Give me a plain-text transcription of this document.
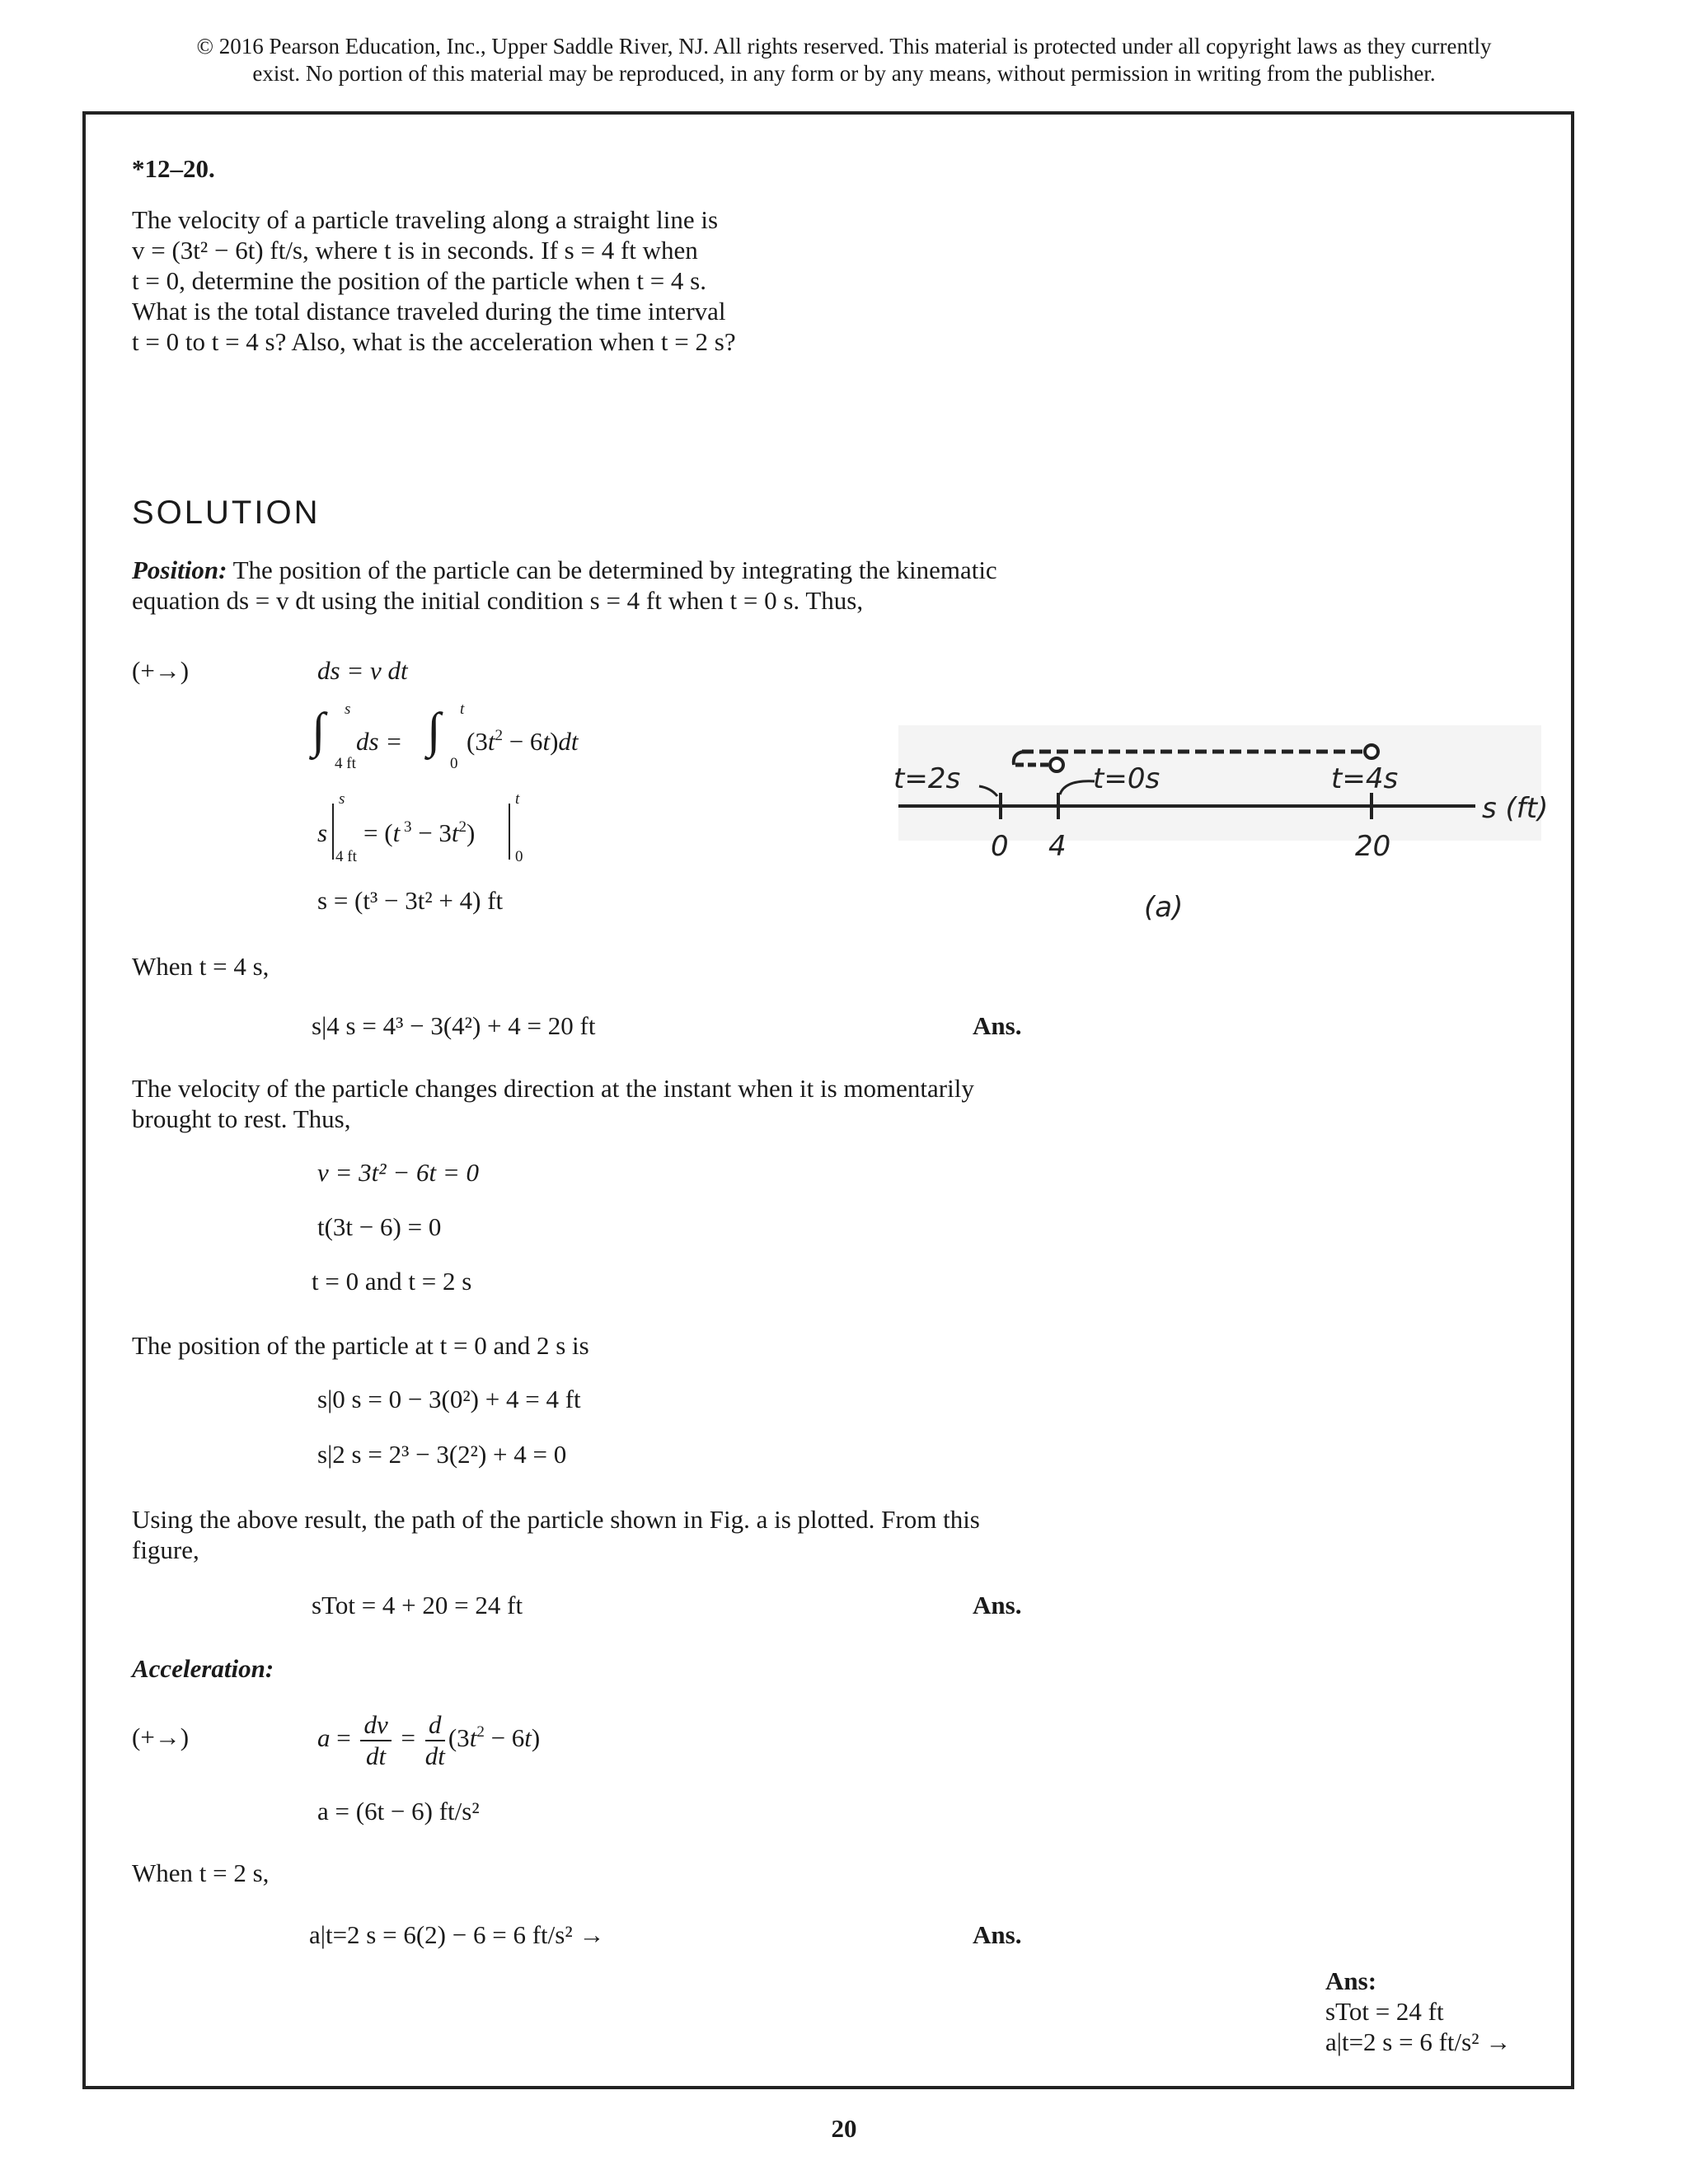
© 2016 Pearson Education, Inc., Upper Saddle River, NJ. All rights reserved. This material is protected under all copyright laws as they currently
exist. No portion of this material may be reproduced, in any form or by any means, without permission in writing from the publisher.
*12–20.
The velocity of a particle traveling along a straight line is
v = (3t² − 6t) ft/s, where t is in seconds. If s = 4 ft when
t = 0, determine the position of the particle when t = 4 s.
What is the total distance traveled during the time interval
t = 0 to t = 4 s? Also, what is the acceleration when t = 2 s?
SOLUTION
Position: The position of the particle can be determined by integrating the kinematic
equation ds = v dt using the initial condition s = 4 ft when t = 0 s. Thus,
(+→)	ds = v dt
∫ s
4 ft
ds = ∫ t
0
$(3t^2 - 6t)dt$
s
s
4 ft
= (t $^3 - 3t^2$)
t
0
s = (t³ − 3t² + 4) ft
When t = 4 s,
s|4 s = 4³ − 3(4²) + 4 = 20 ft	Ans.
The velocity of the particle changes direction at the instant when it is momentarily
brought to rest. Thus,
v = 3t² − 6t = 0
t(3t − 6) = 0
t = 0 and t = 2 s
The position of the particle at t = 0 and 2 s is
s|0 s = 0 − 3(0²) + 4 = 4 ft
s|2 s = 2³ − 3(2²) + 4 = 0
Using the above result, the path of the particle shown in Fig. a is plotted. From this
figure,
sTot = 4 + 20 = 24 ft	Ans.
Acceleration:
(+→)	$a = \frac{dv}{dt} = \frac{d}{dt} (3t^2 - 6t)$
a = (6t − 6) ft/s²
When t = 2 s,
a|t=2 s = 6(2) − 6 = 6 ft/s² →	Ans.
t=2s	t=0s	t=4s
s (ft)
0 4	20
(a)
Ans:
sTot = 24 ft
a|t=2 s = 6 ft/s² →
20
